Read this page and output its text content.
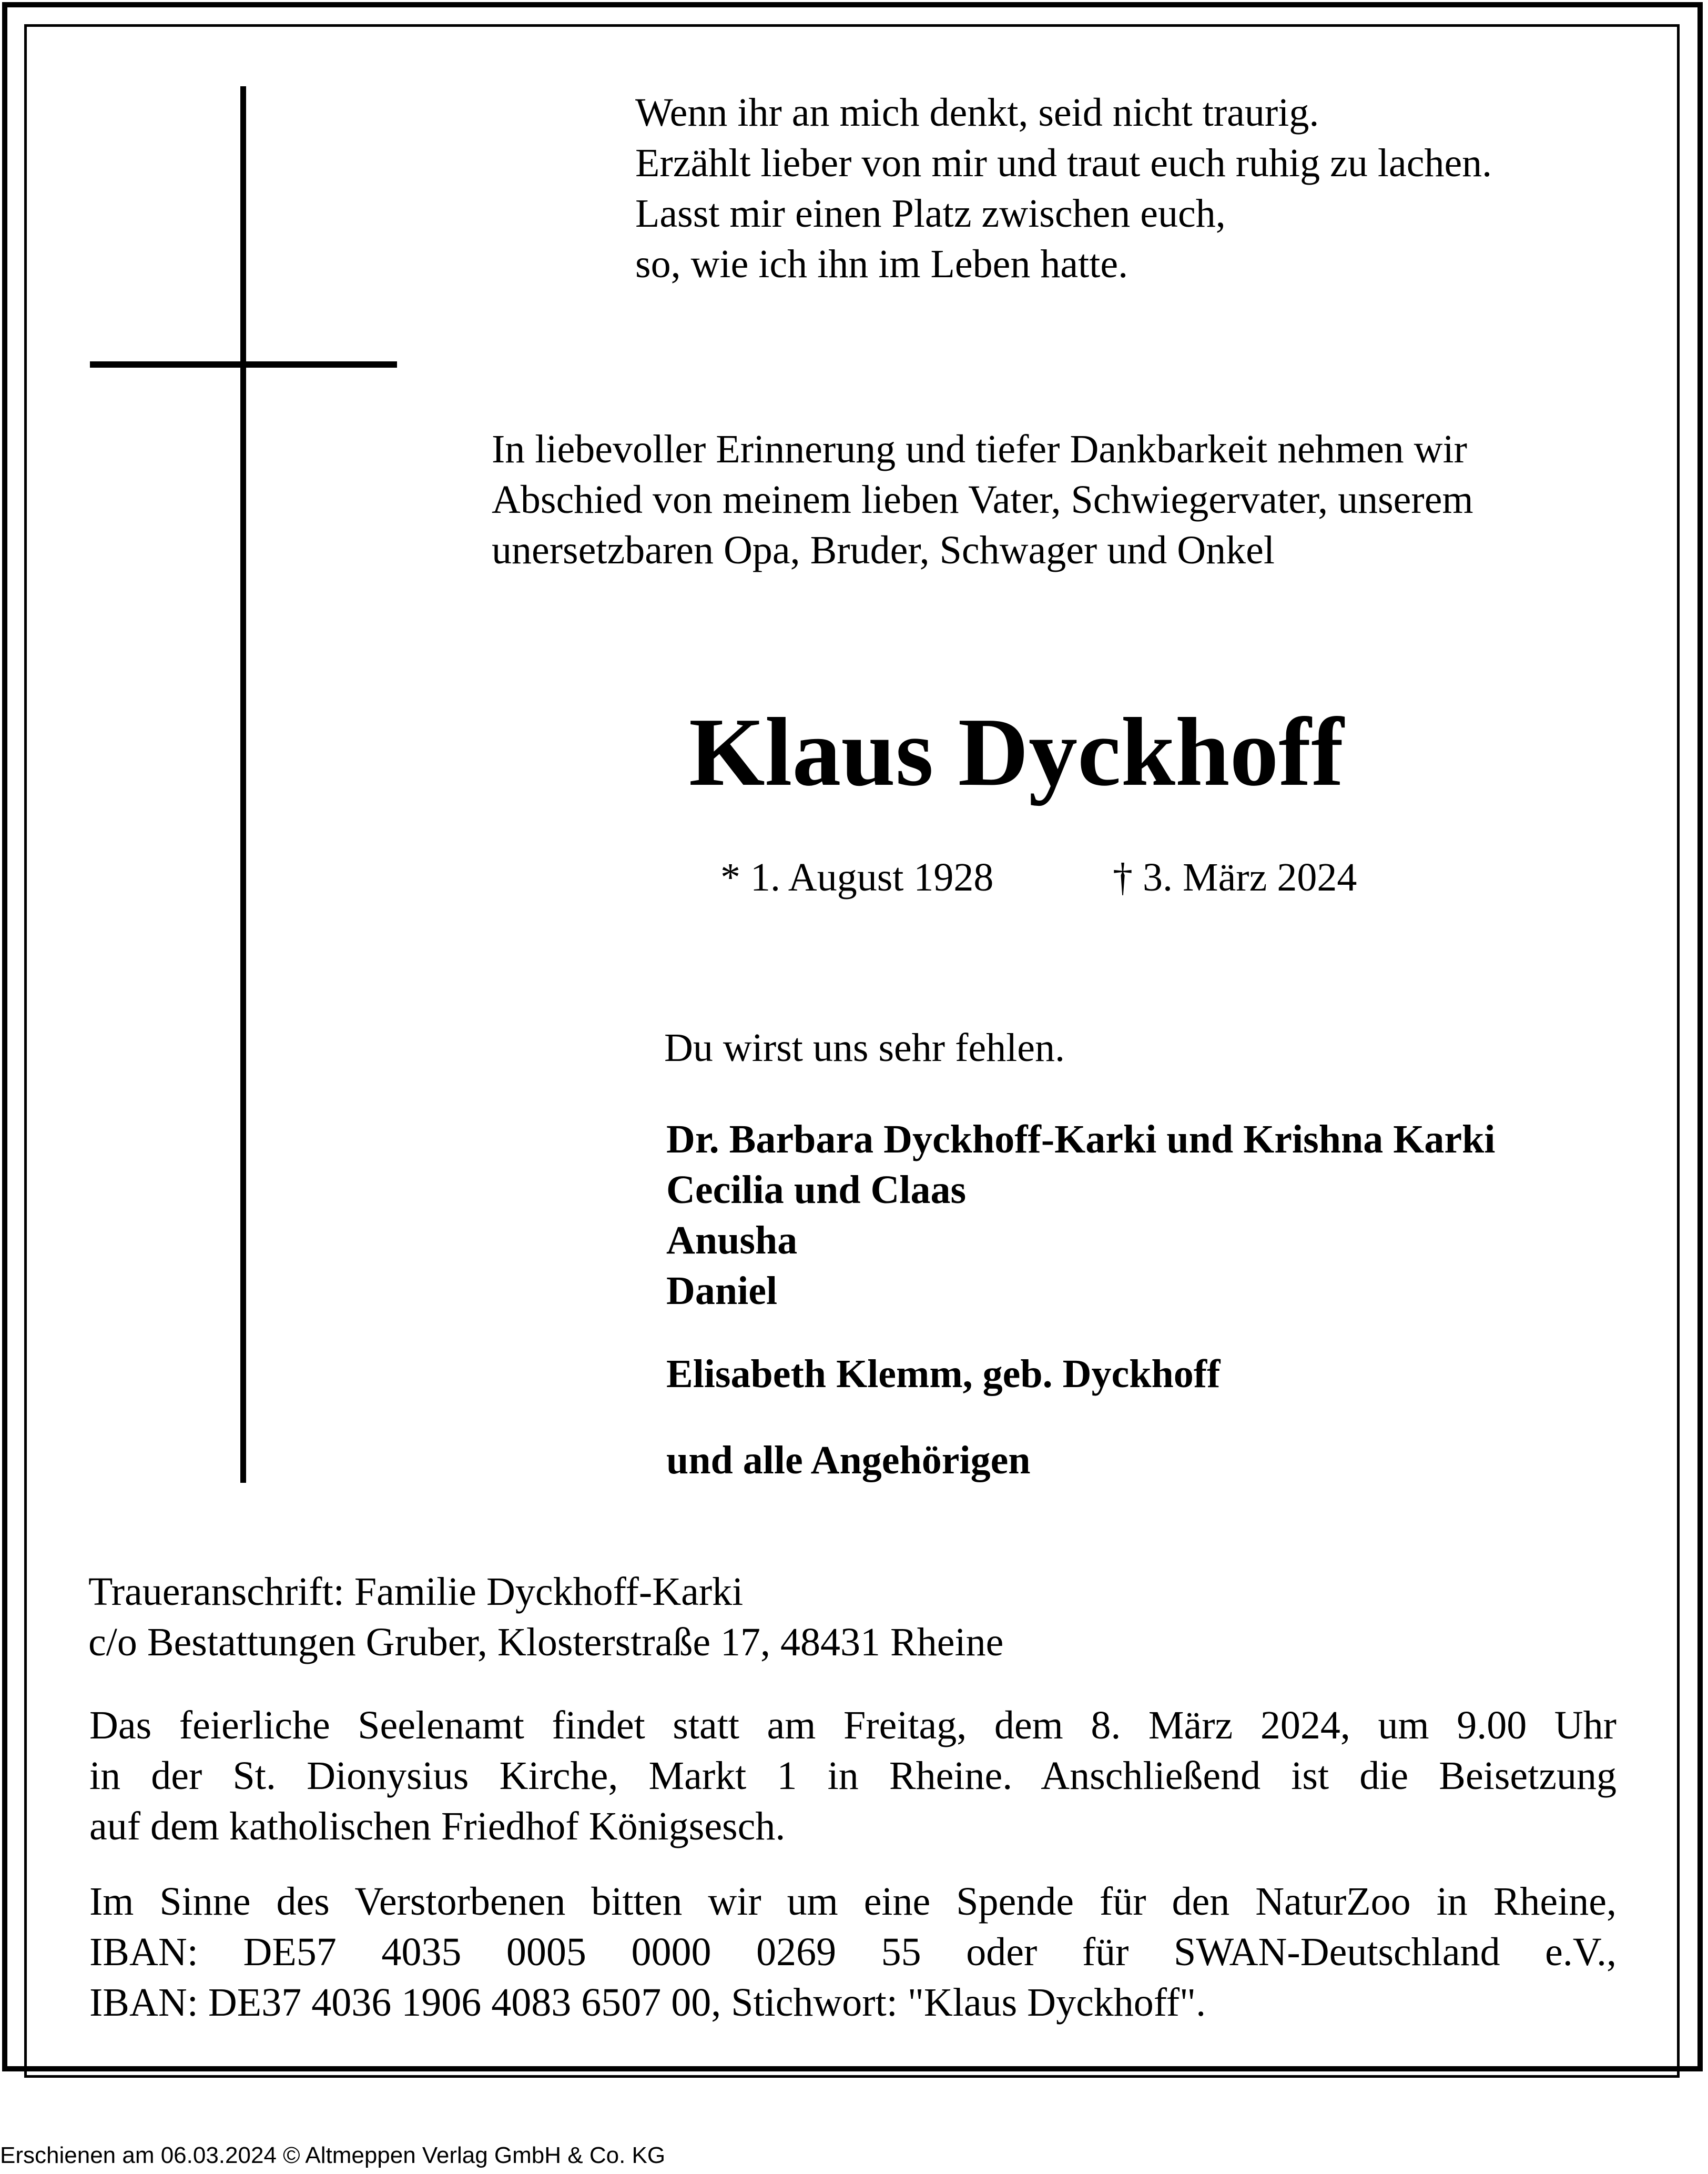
Wenn ihr an mich denkt, seid nicht traurig.
Erzählt lieber von mir und traut euch ruhig zu lachen.
Lasst mir einen Platz zwischen euch,
so, wie ich ihn im Leben hatte.
In liebevoller Erinnerung und tiefer Dankbarkeit nehmen wir
Abschied von meinem lieben Vater, Schwiegervater, unserem
unersetzbaren Opa, Bruder, Schwager und Onkel
Klaus Dyckhoff
* 1. August 1928	† 3. März 2024
Du wirst uns sehr fehlen.
Dr. Barbara Dyckhoff-Karki und Krishna Karki
Cecilia und Claas
Anusha
Daniel
Elisabeth Klemm, geb. Dyckhoff
und alle Angehörigen
Traueranschrift: Familie Dyckhoff-Karki
c/o Bestattungen Gruber, Klosterstraße 17, 48431 Rheine
Das feierliche Seelenamt findet statt am Freitag, dem 8. März 2024, um 9.00 Uhr
in der St. Dionysius Kirche, Markt 1 in Rheine. Anschließend ist die Beisetzung
auf dem katholischen Friedhof Königsesch.
Im Sinne des Verstorbenen bitten wir um eine Spende für den NaturZoo in Rheine,
IBAN: DE57 4035 0005 0000 0269 55 oder für SWAN-Deutschland e.V.,
IBAN: DE37 4036 1906 4083 6507 00, Stichwort: "Klaus Dyckhoff".
Erschienen am 06.03.2024 © Altmeppen Verlag GmbH & Co. KG
